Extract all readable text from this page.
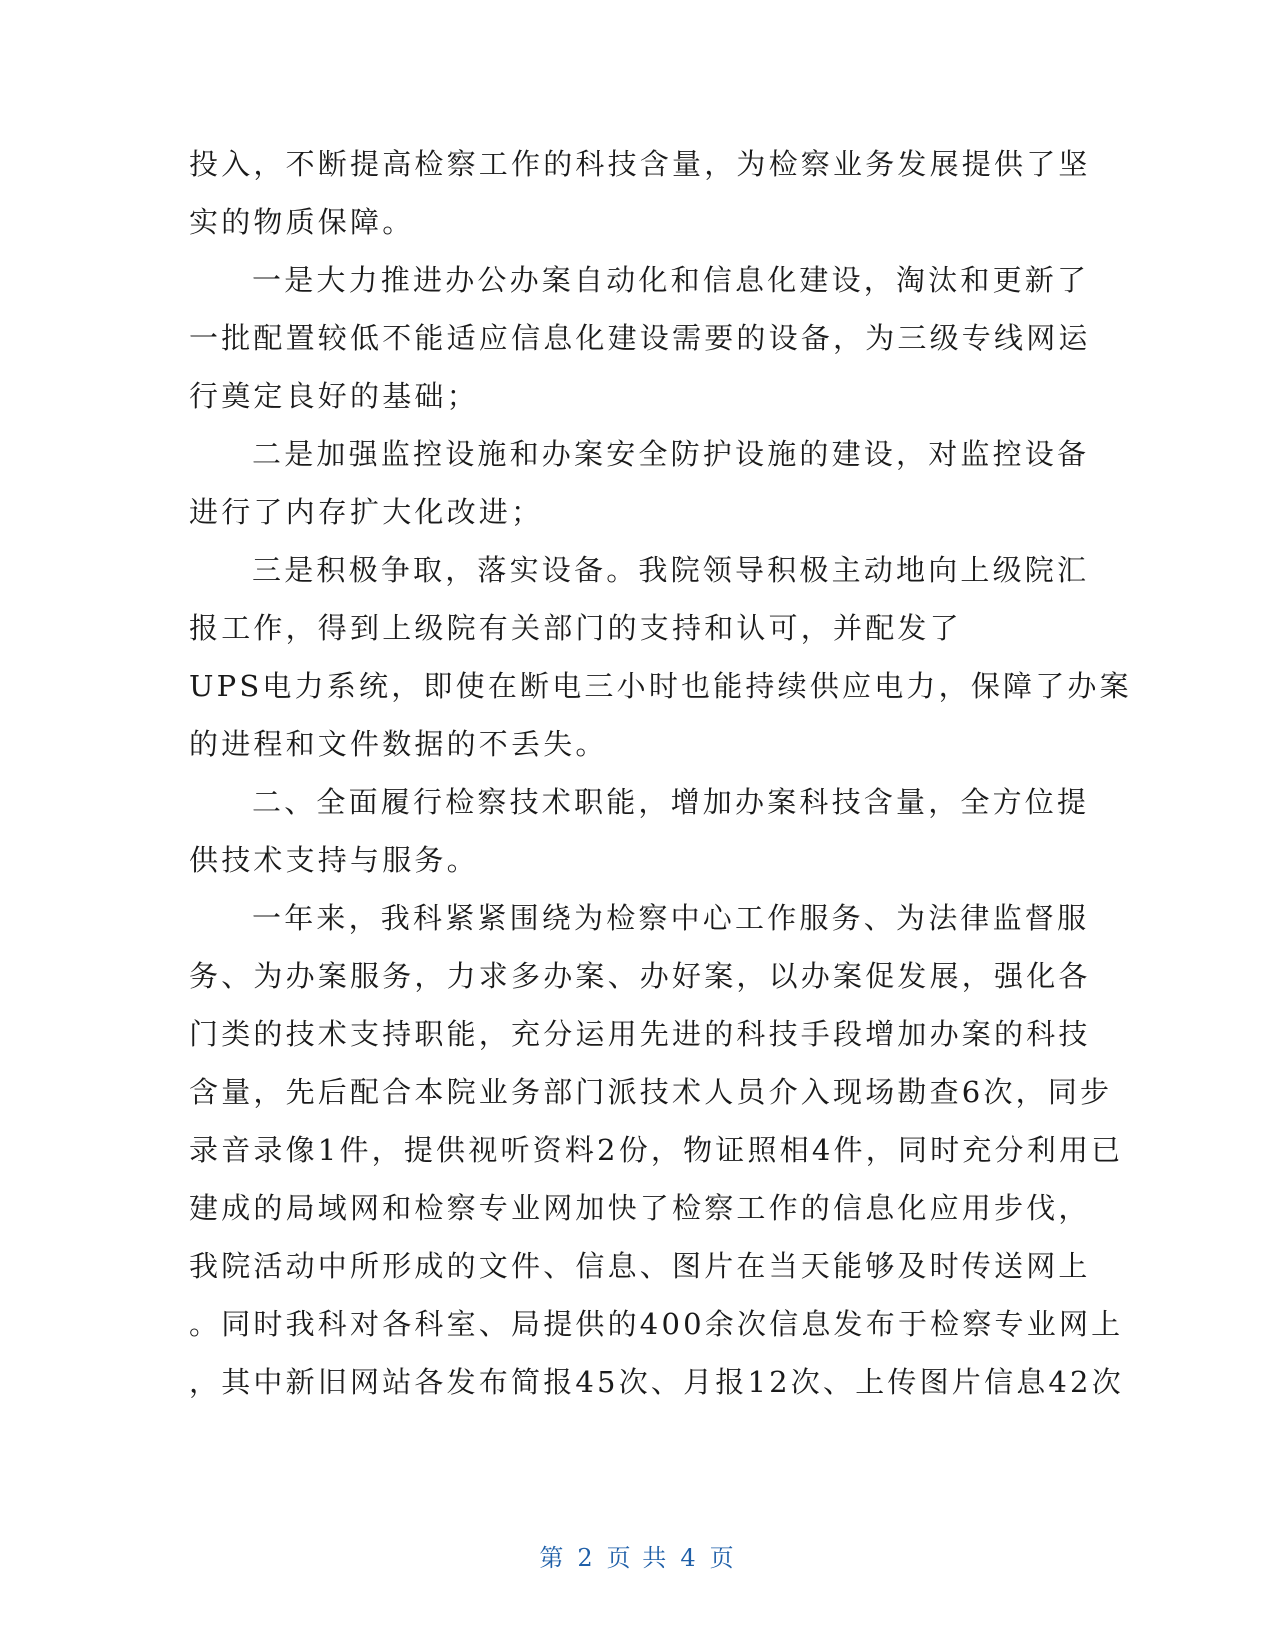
投入，不断提高检察工作的科技含量，为检察业务发展提供了坚
实的物质保障。
一是大力推进办公办案自动化和信息化建设，淘汰和更新了
一批配置较低不能适应信息化建设需要的设备，为三级专线网运
行奠定良好的基础；
二是加强监控设施和办案安全防护设施的建设，对监控设备
进行了内存扩大化改进；
三是积极争取，落实设备。我院领导积极主动地向上级院汇
报工作，得到上级院有关部门的支持和认可，并配发了
UPS电力系统，即使在断电三小时也能持续供应电力，保障了办案
的进程和文件数据的不丢失。
二、全面履行检察技术职能，增加办案科技含量，全方位提
供技术支持与服务。
一年来，我科紧紧围绕为检察中心工作服务、为法律监督服
务、为办案服务，力求多办案、办好案，以办案促发展，强化各
门类的技术支持职能，充分运用先进的科技手段增加办案的科技
含量，先后配合本院业务部门派技术人员介入现场勘查6次，同步
录音录像1件，提供视听资料2份，物证照相4件，同时充分利用已
建成的局域网和检察专业网加快了检察工作的信息化应用步伐，
我院活动中所形成的文件、信息、图片在当天能够及时传送网上
。同时我科对各科室、局提供的400余次信息发布于检察专业网上
，其中新旧网站各发布简报45次、月报12次、上传图片信息42次
第 2 页 共 4 页
